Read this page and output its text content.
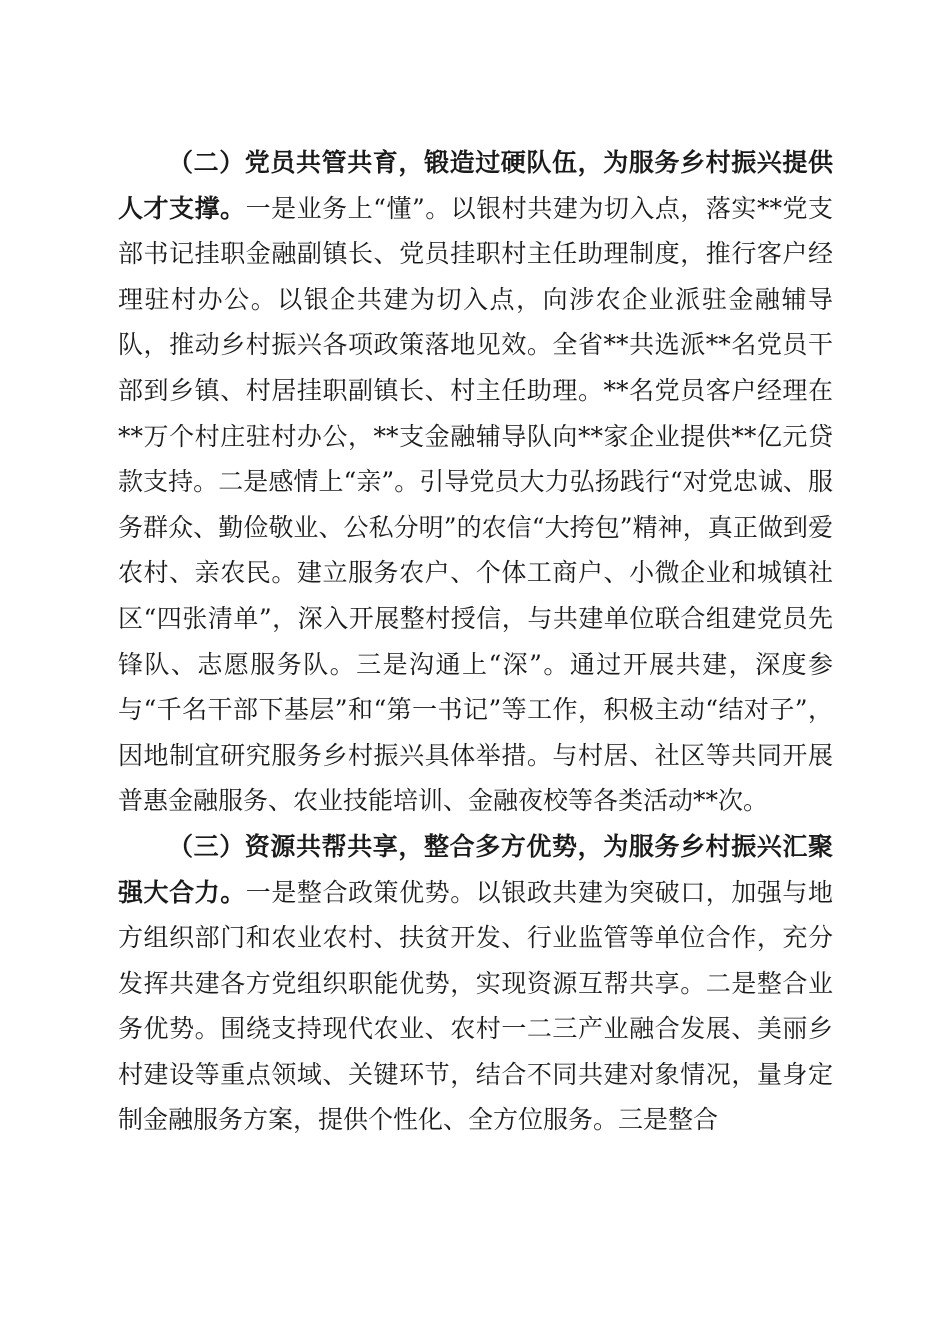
（二）党员共管共育，锻造过硬队伍，为服务乡村振兴提供人才支撑。一是业务上“懂”。以银村共建为切入点，落实**党支部书记挂职金融副镇长、党员挂职村主任助理制度，推行客户经理驻村办公。以银企共建为切入点，向涉农企业派驻金融辅导队，推动乡村振兴各项政策落地见效。全省**共选派**名党员干部到乡镇、村居挂职副镇长、村主任助理。**名党员客户经理在**万个村庄驻村办公，**支金融辅导队向**家企业提供**亿元贷款支持。二是感情上“亲”。引导党员大力弘扬践行“对党忠诚、服务群众、勤俭敬业、公私分明”的农信“大挎包”精神，真正做到爱农村、亲农民。建立服务农户、个体工商户、小微企业和城镇社区“四张清单”，深入开展整村授信，与共建单位联合组建党员先锋队、志愿服务队。三是沟通上“深”。通过开展共建，深度参与“千名干部下基层”和“第一书记”等工作，积极主动“结对子”，因地制宜研究服务乡村振兴具体举措。与村居、社区等共同开展普惠金融服务、农业技能培训、金融夜校等各类活动**次。

（三）资源共帮共享，整合多方优势，为服务乡村振兴汇聚强大合力。一是整合政策优势。以银政共建为突破口，加强与地方组织部门和农业农村、扶贫开发、行业监管等单位合作，充分发挥共建各方党组织职能优势，实现资源互帮共享。二是整合业务优势。围绕支持现代农业、农村一二三产业融合发展、美丽乡村建设等重点领域、关键环节，结合不同共建对象情况，量身定制金融服务方案，提供个性化、全方位服务。三是整合
